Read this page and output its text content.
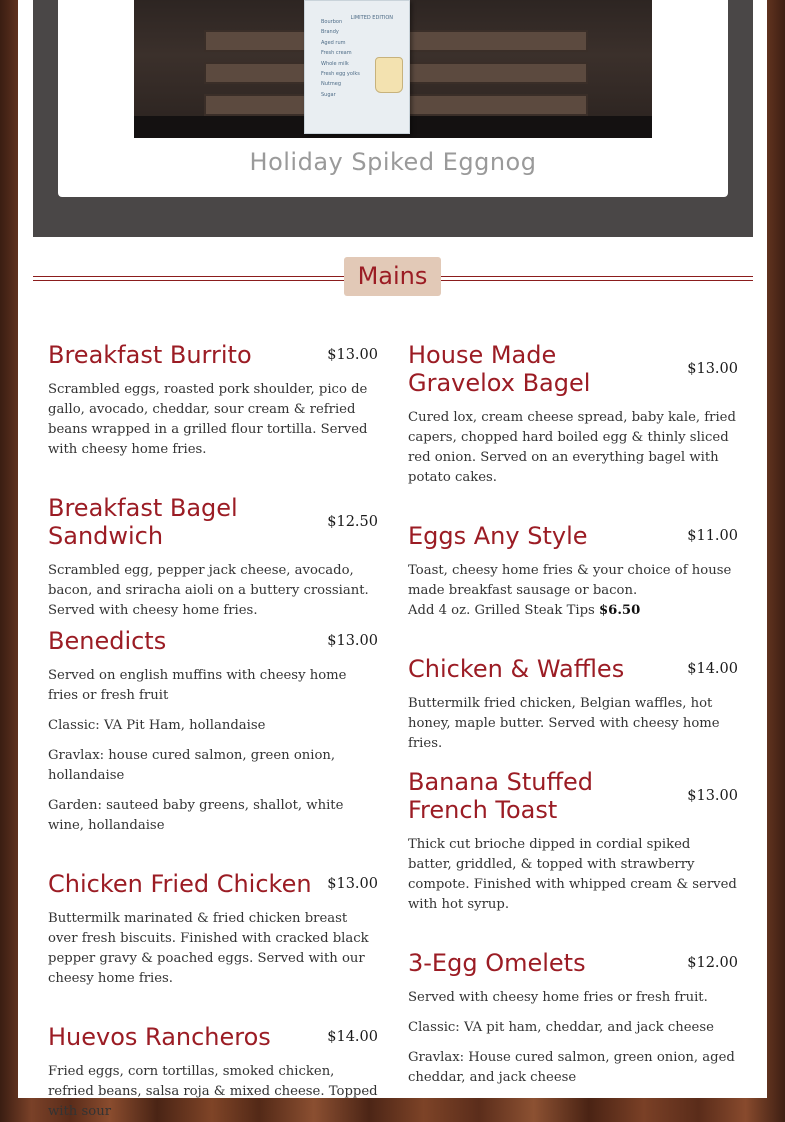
Bourbon
Brandy
Aged rum
Fresh cream
Whole milk
Fresh egg yolks
Nutmeg
Sugar
LIMITED EDITION
Holiday Spiked Eggnog
Mains
Breakfast Burrito	$13.00

Scrambled eggs, roasted pork shoulder, pico de gallo, avocado, cheddar, sour cream & refried beans wrapped in a grilled flour tortilla. Served with cheesy home fries.

Breakfast Bagel Sandwich	$12.50

Scrambled egg, pepper jack cheese, avocado, bacon, and sriracha aioli on a buttery crossiant. Served with cheesy home fries.

Benedicts	$13.00

Served on english muffins with cheesy home fries or fresh fruit

Classic: VA Pit Ham, hollandaise

Gravlax: house cured salmon, green onion, hollandaise

Garden: sauteed baby greens, shallot, white wine, hollandaise

Chicken Fried Chicken $13.00

Buttermilk marinated & fried chicken breast over fresh biscuits. Finished with cracked black pepper gravy & poached eggs. Served with our cheesy home fries.

Huevos Rancheros	$14.00

Fried eggs, corn tortillas, smoked chicken, refried beans, salsa roja & mixed cheese. Topped with sour

House Made Gravelox Bagel	$13.00

Cured lox, cream cheese spread, baby kale, fried capers, chopped hard boiled egg & thinly sliced red onion. Served on an everything bagel with potato cakes.

Eggs Any Style	$11.00

Toast, cheesy home fries & your choice of house made breakfast sausage or bacon.

Add 4 oz. Grilled Steak Tips $6.50

Chicken & Waffles	$14.00

Buttermilk fried chicken, Belgian waffles, hot honey, maple butter. Served with cheesy home fries.

Banana Stuffed French Toast	$13.00

Thick cut brioche dipped in cordial spiked batter, griddled, & topped with strawberry compote. Finished with whipped cream & served with hot syrup.

3-Egg Omelets	$12.00

Served with cheesy home fries or fresh fruit.

Classic: VA pit ham, cheddar, and jack cheese

Gravlax: House cured salmon, green onion, aged cheddar, and jack cheese
